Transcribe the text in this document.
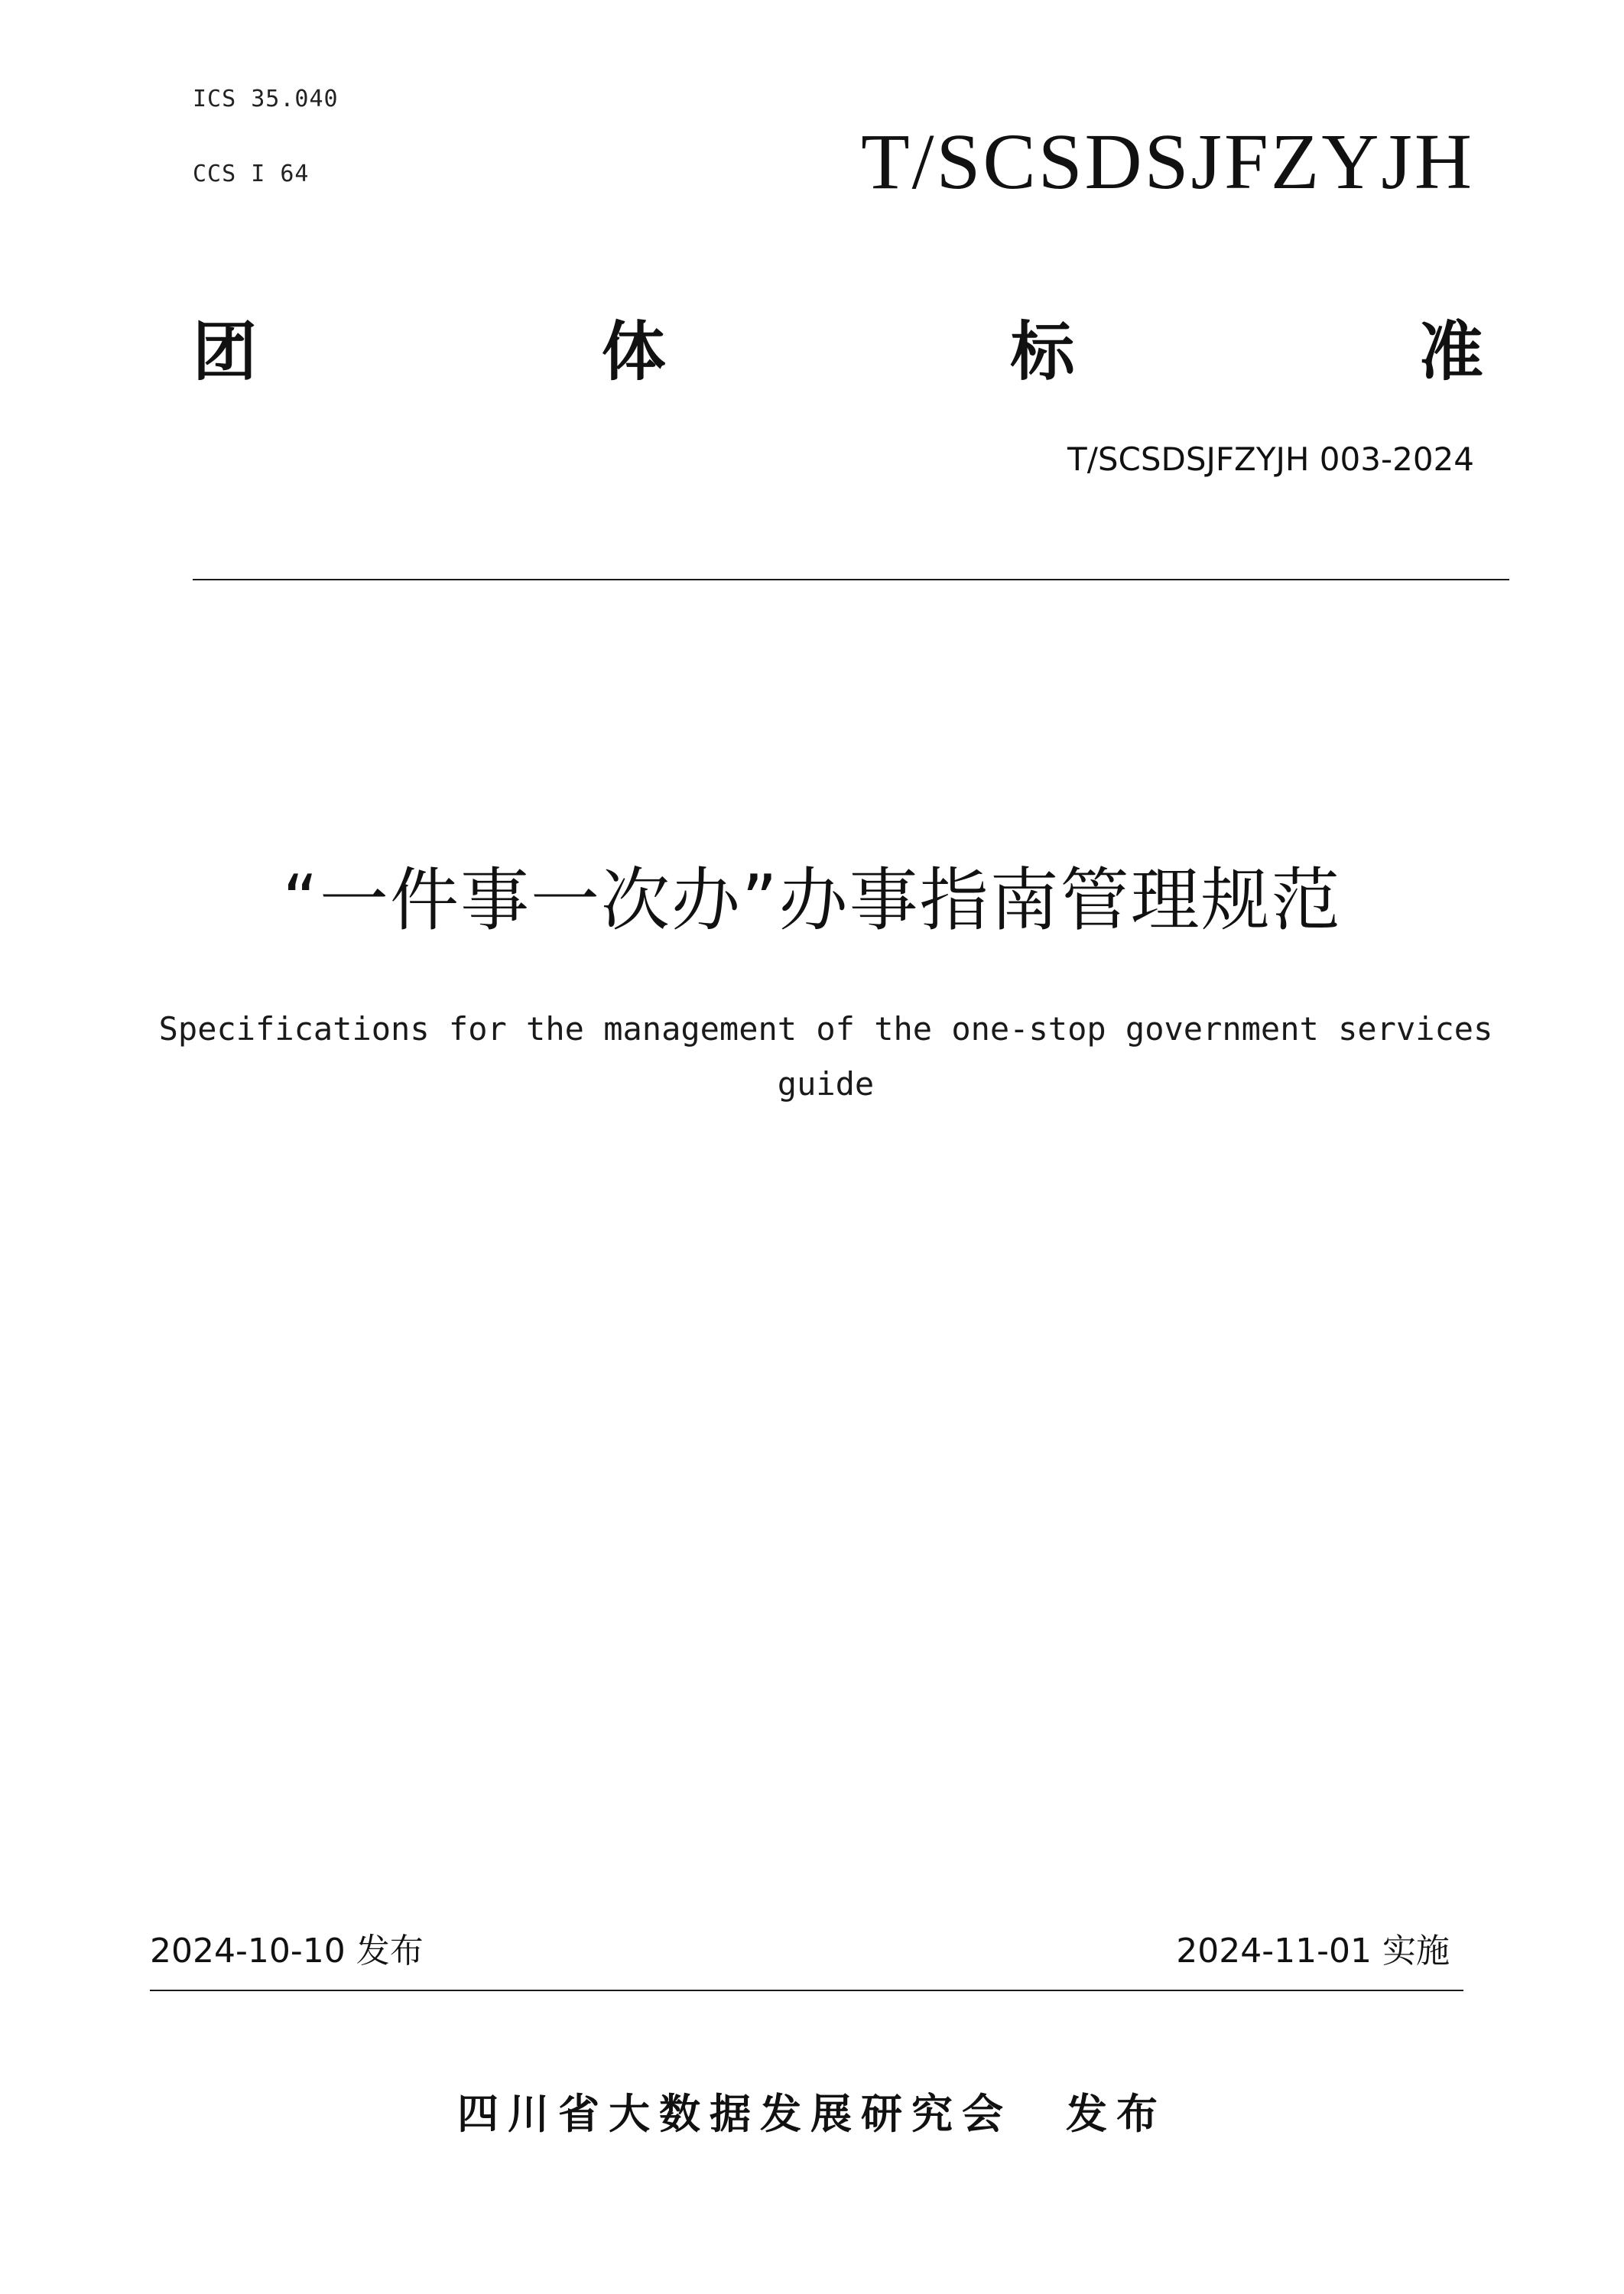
ICS 35.040
CCS I 64	T/SCSDSJFZYJH
团	体	标	准
T/SCSDSJFZYJH 003-2024
“一件事一次办”办事指南管理规范
Specifications for the management of the one-stop government services guide
2024-10-10 发布	2024-11-01 实施
四川省大数据发展研究会 发布
